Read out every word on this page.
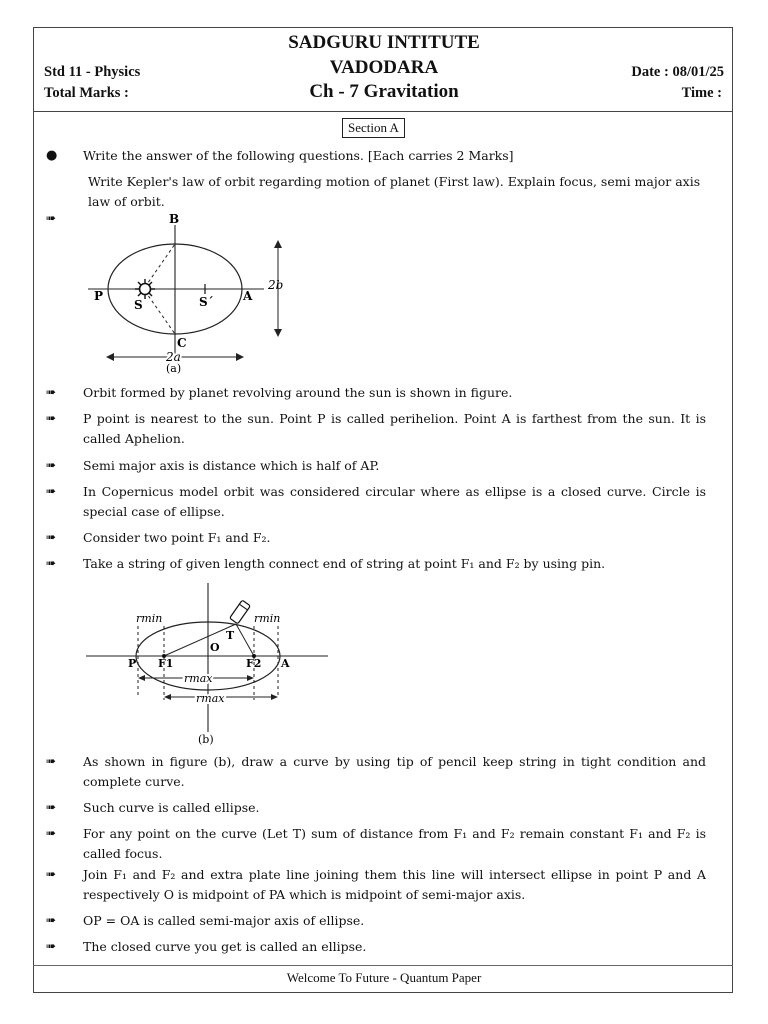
SADGURU INTITUTE
VADODARA
Ch - 7 Gravitation
Std 11 - Physics
Total Marks :
Date : 08/01/25
Time :
Section A
● Write the answer of the following questions. [Each carries 2 Marks]
Write Kepler's law of orbit regarding motion of planet (First law). Explain focus, semi major axis law of orbit.
➠	B
C
P	A
S	S´
2b
2a
(a)
➠ Orbit formed by planet revolving around the sun is shown in figure.
➠ P point is nearest to the sun. Point P is called perihelion. Point A is farthest from the sun. It is called Aphelion.
➠ Semi major axis is distance which is half of AP.
➠ In Copernicus model orbit was considered circular where as ellipse is a closed curve. Circle is special case of ellipse.
➠ Consider two point F₁ and F₂.
➠ Take a string of given length connect end of string at point F₁ and F₂ by using pin.
rmin	rmin
T
O
P F1	F2 A
rmax
rmax
(b)
➠ As shown in figure (b), draw a curve by using tip of pencil keep string in tight condition and complete curve.
➠ Such curve is called ellipse.
➠ For any point on the curve (Let T) sum of distance from F₁ and F₂ remain constant F₁ and F₂ is called focus.
➠ Join F₁ and F₂ and extra plate line joining them this line will intersect ellipse in point P and A respectively O is midpoint of PA which is midpoint of semi-major axis.
➠ OP = OA is called semi-major axis of ellipse.
➠ The closed curve you get is called an ellipse.
Welcome To Future - Quantum Paper
